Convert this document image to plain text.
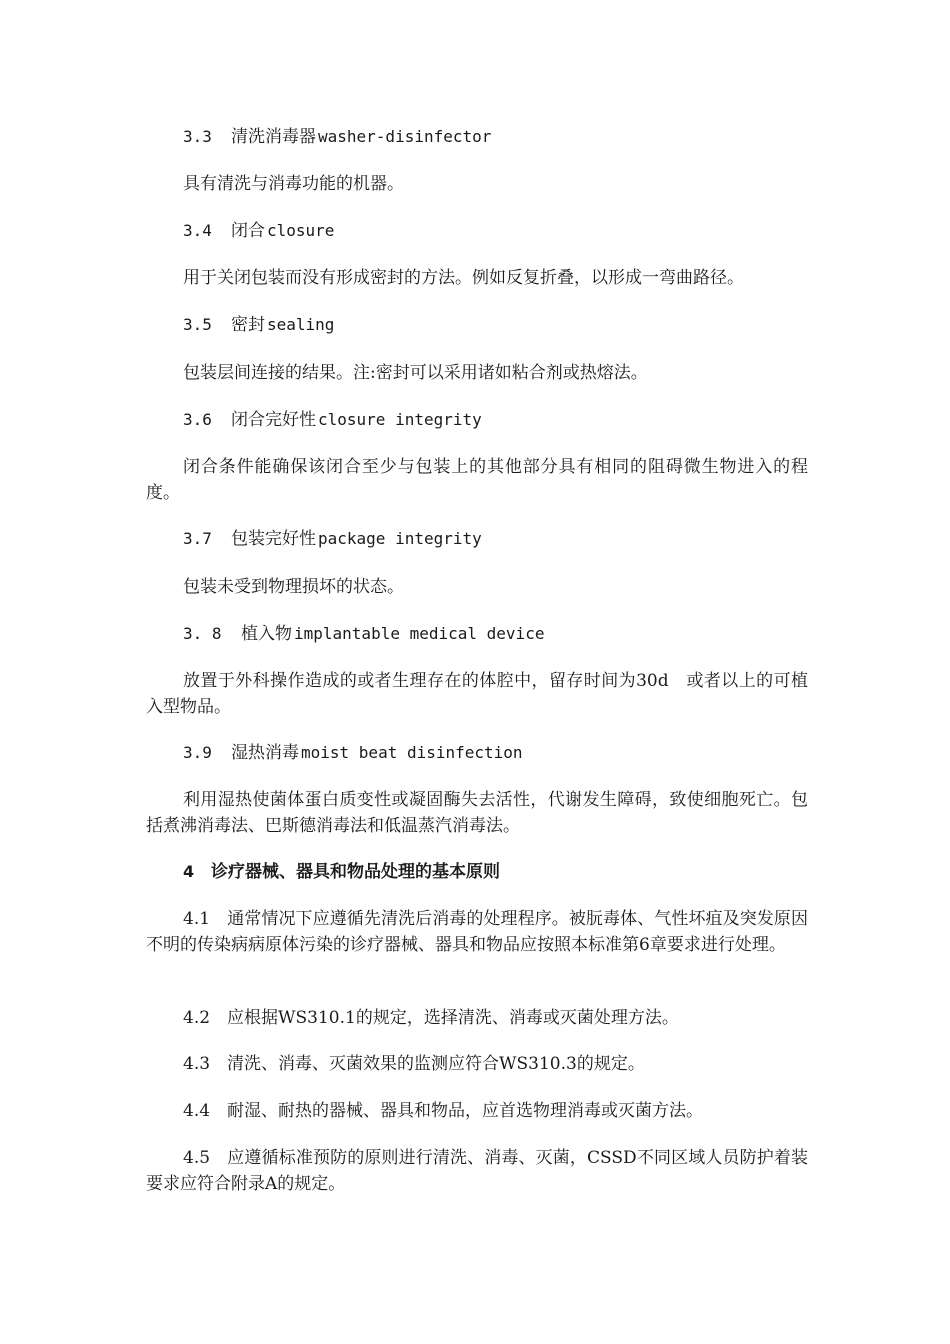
3.3 清洗消毒器 washer-disinfector

具有清洗与消毒功能的机器。

3.4 闭合 closure

用于关闭包装而没有形成密封的方法。例如反复折叠，以形成一弯曲路径。

3.5 密封 sealing

包装层间连接的结果。注:密封可以采用诸如粘合剂或热熔法。

3.6 闭合完好性 closure integrity

闭合条件能确保该闭合至少与包装上的其他部分具有相同的阻碍微生物进入的程度。

3.7 包装完好性 package integrity

包装未受到物理损坏的状态。

3. 8 植入物 implantable medical device

放置于外科操作造成的或者生理存在的体腔中，留存时间为30d　或者以上的可植入型物品。

3.9 湿热消毒 moist beat disinfection

利用湿热使菌体蛋白质变性或凝固酶失去活性，代谢发生障碍，致使细胞死亡。包括煮沸消毒法、巴斯德消毒法和低温蒸汽消毒法。

4 诊疗器械、器具和物品处理的基本原则

4.1　通常情况下应遵循先清洗后消毒的处理程序。被朊毒体、气性坏疽及突发原因不明的传染病病原体污染的诊疗器械、器具和物品应按照本标准第6章要求进行处理。

4.2　应根据WS310.1的规定，选择清洗、消毒或灭菌处理方法。

4.3　清洗、消毒、灭菌效果的监测应符合WS310.3的规定。

4.4　耐湿、耐热的器械、器具和物品，应首选物理消毒或灭菌方法。

4.5　应遵循标准预防的原则进行清洗、消毒、灭菌，CSSD不同区域人员防护着装要求应符合附录A的规定。
